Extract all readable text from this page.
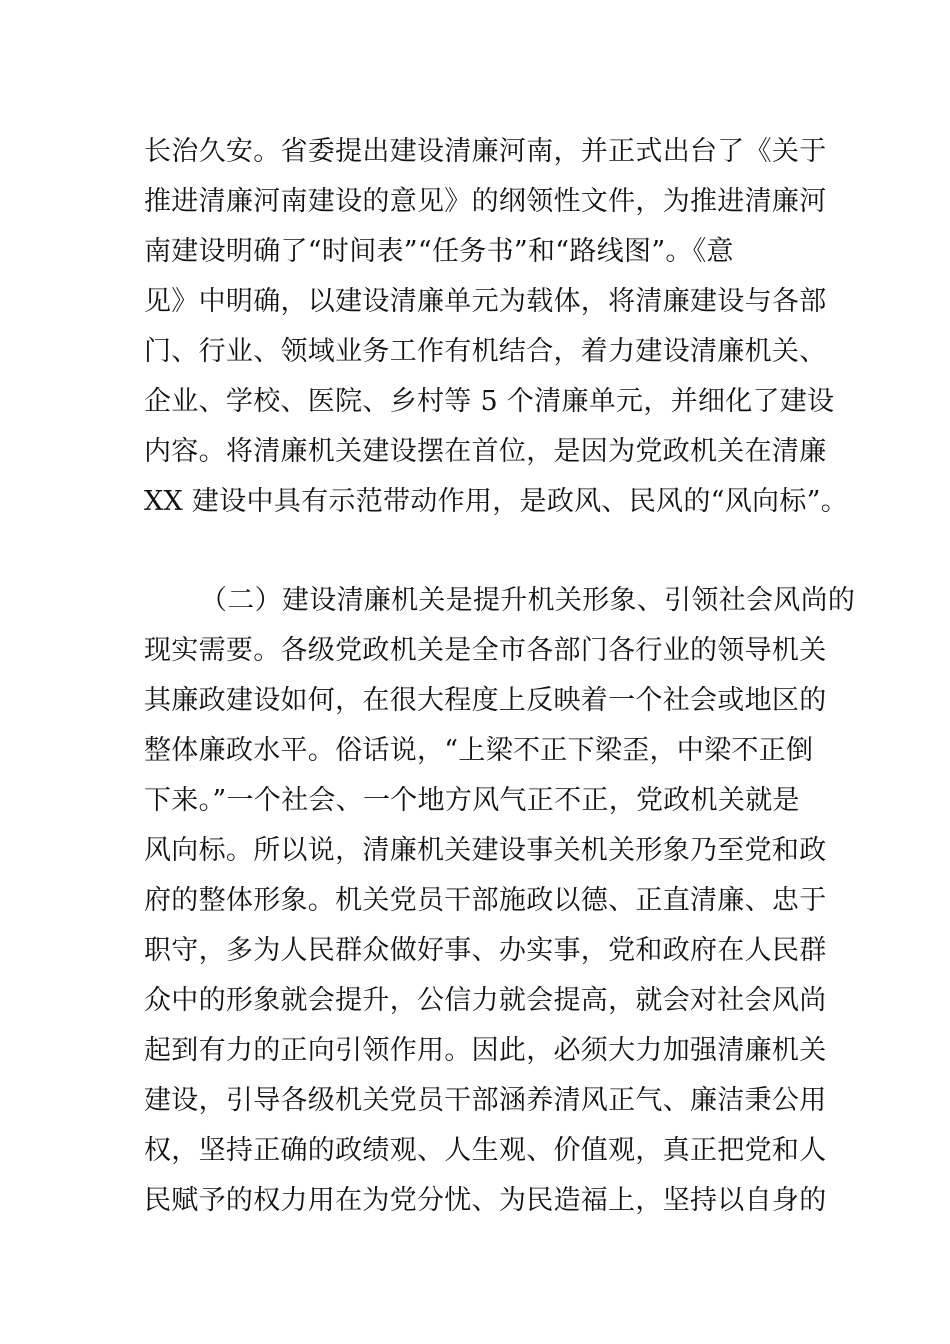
长治久安。省委提出建设清廉河南，并正式出台了《关于
推进清廉河南建设的意见》的纲领性文件，为推进清廉河
南建设明确了“时间表”“任务书”和“路线图”。《意
见》中明确，以建设清廉单元为载体，将清廉建设与各部
门、行业、领域业务工作有机结合，着力建设清廉机关、
企业、学校、医院、乡村等 5 个清廉单元，并细化了建设
内容。将清廉机关建设摆在首位，是因为党政机关在清廉
XX 建设中具有示范带动作用，是政风、民风的“风向标”。
（二）建设清廉机关是提升机关形象、引领社会风尚的
现实需要。各级党政机关是全市各部门各行业的领导机关
其廉政建设如何，在很大程度上反映着一个社会或地区的
整体廉政水平。俗话说，“上梁不正下梁歪，中梁不正倒
下来。”一个社会、一个地方风气正不正，党政机关就是
风向标。所以说，清廉机关建设事关机关形象乃至党和政
府的整体形象。机关党员干部施政以德、正直清廉、忠于
职守，多为人民群众做好事、办实事，党和政府在人民群
众中的形象就会提升，公信力就会提高，就会对社会风尚
起到有力的正向引领作用。因此，必须大力加强清廉机关
建设，引导各级机关党员干部涵养清风正气、廉洁秉公用
权，坚持正确的政绩观、人生观、价值观，真正把党和人
民赋予的权力用在为党分忧、为民造福上，坚持以自身的
